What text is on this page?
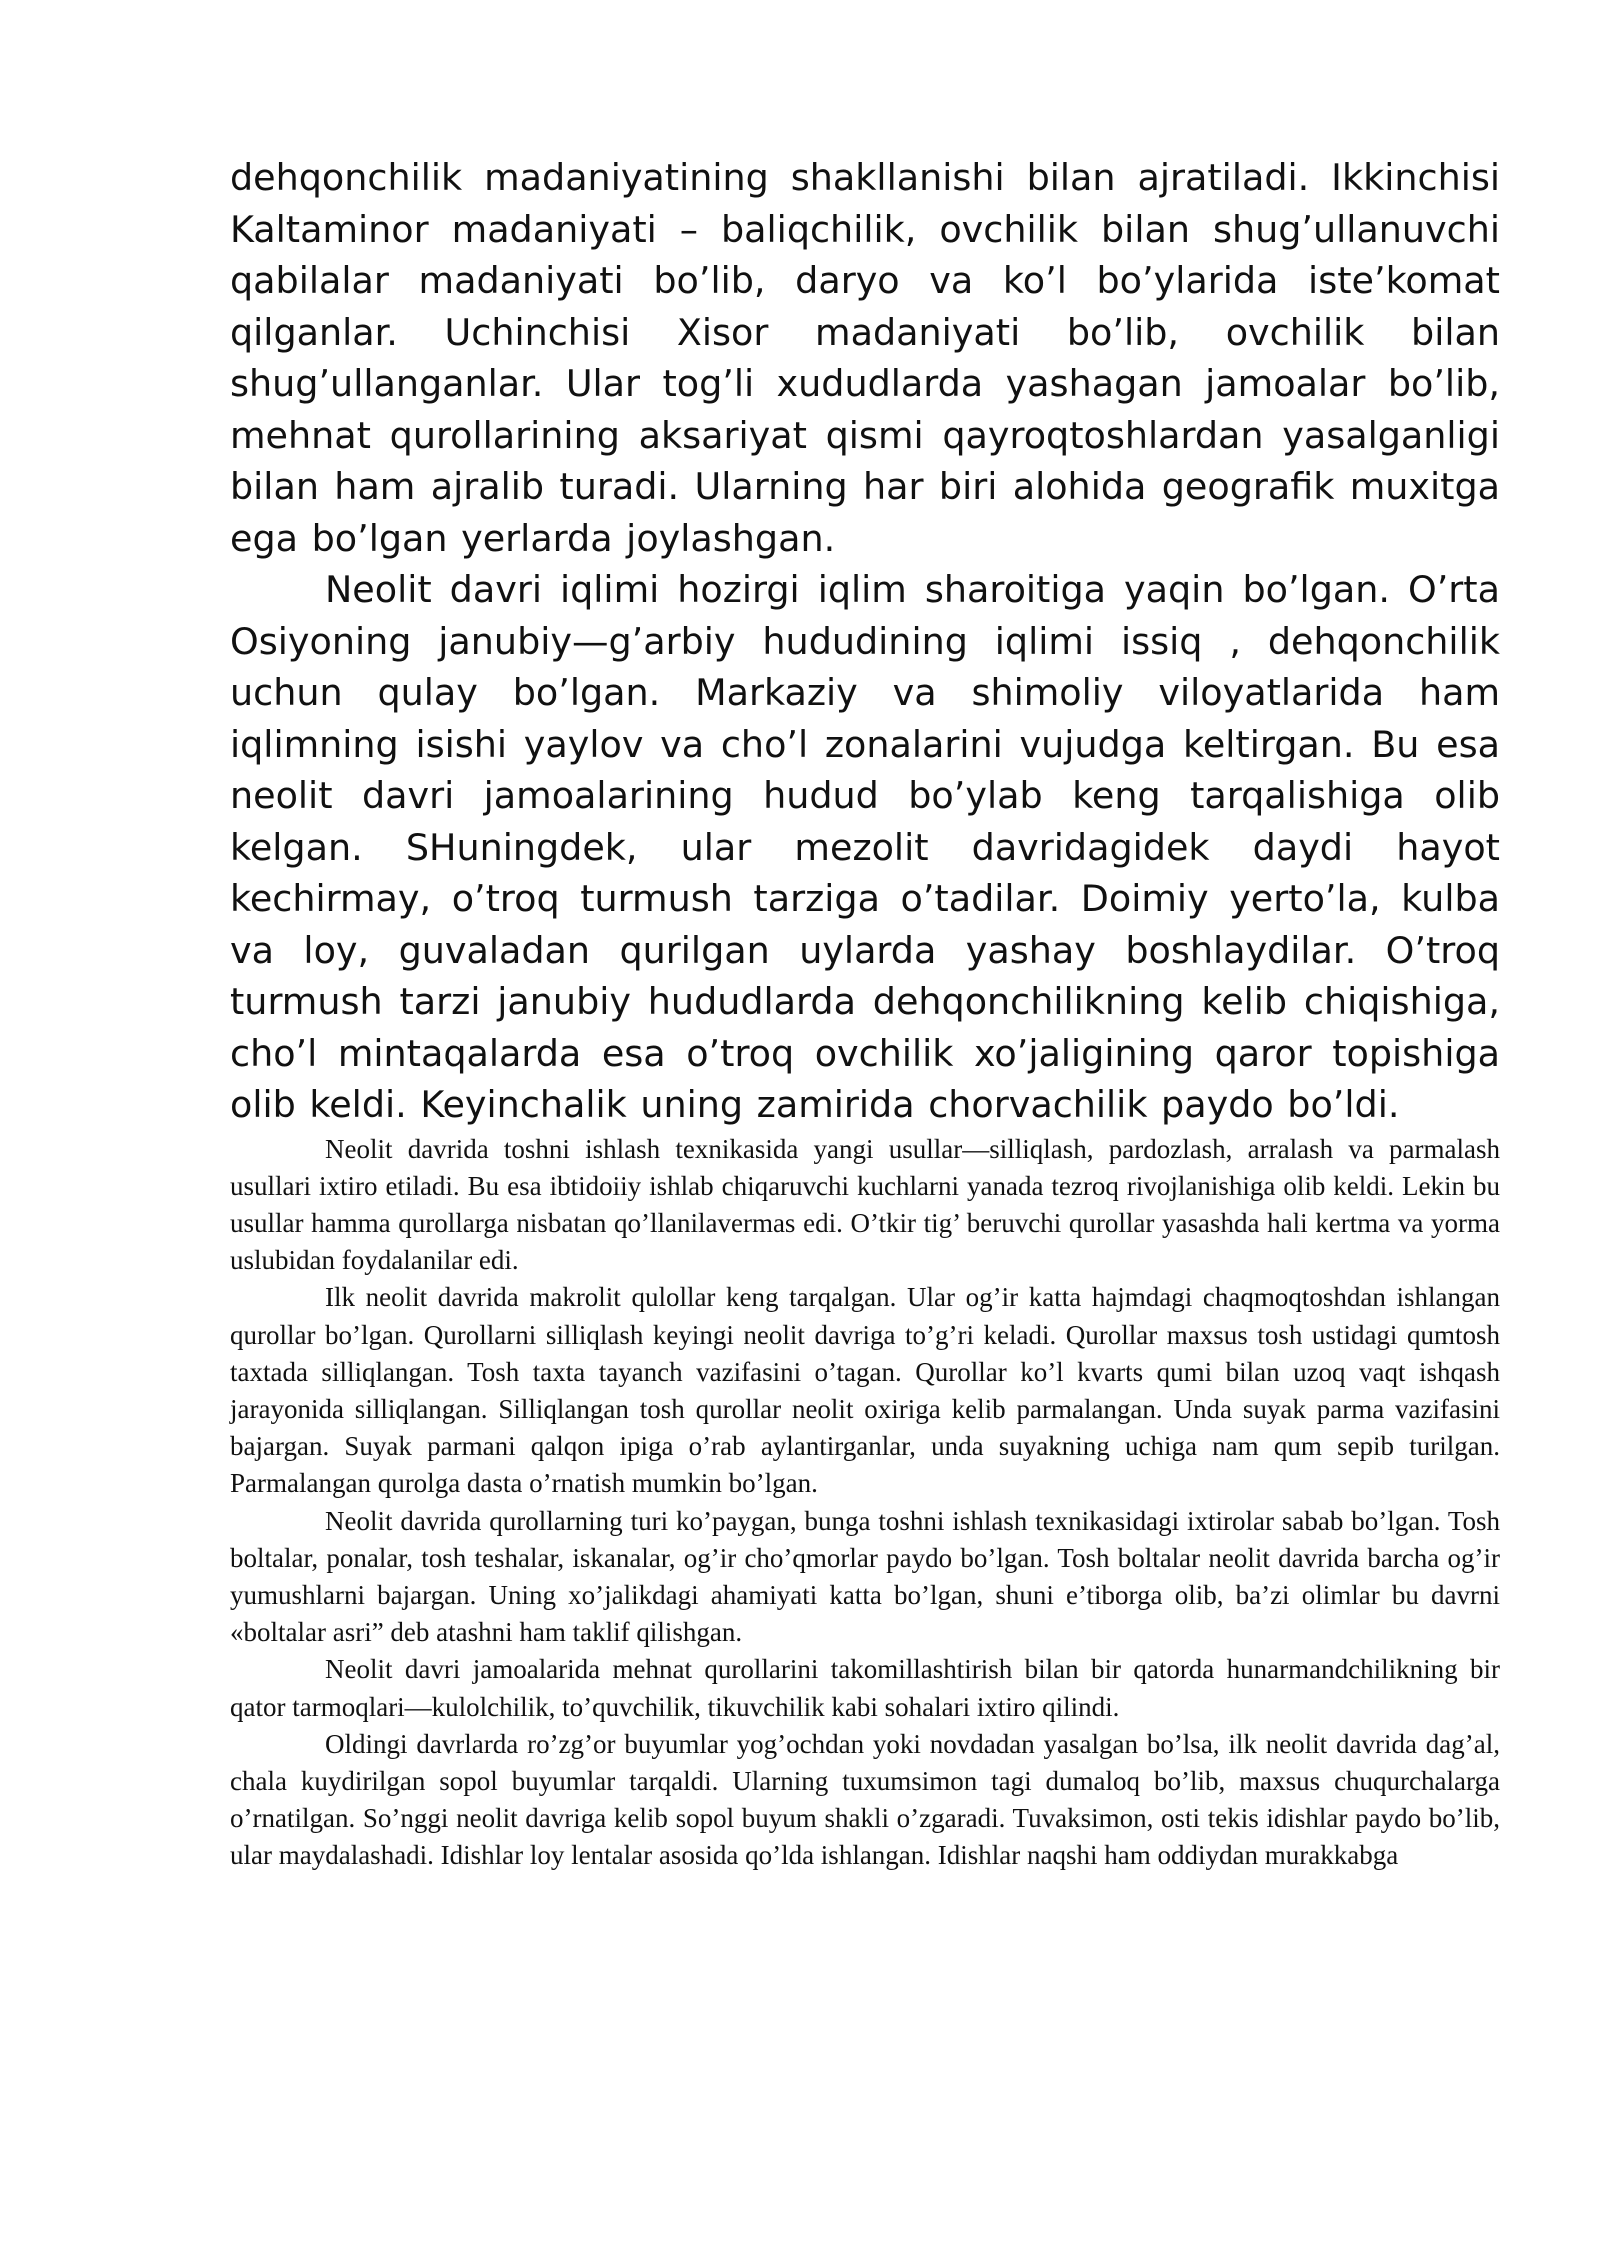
dehqonchilik madaniyatining shakllanishi bilan ajratiladi. Ikkinchisi Kaltaminor madaniyati – baliqchilik, ovchilik bilan shug’ullanuvchi qabilalar madaniyati bo’lib, daryo va ko’l bo’ylarida iste’komat qilganlar. Uchinchisi Xisor madaniyati bo’lib, ovchilik bilan shug’ullanganlar. Ular tog’li xududlarda yashagan jamoalar bo’lib, mehnat qurollarining aksariyat qismi qayroqtoshlardan yasalganligi bilan ham ajralib turadi. Ularning har biri alohida geografik muxitga ega bo’lgan yerlarda joylashgan.

Neolit davri iqlimi hozirgi iqlim sharoitiga yaqin bo’lgan. O’rta Osiyoning janubiy—g’arbiy hududining iqlimi issiq , dehqonchilik uchun qulay bo’lgan. Markaziy va shimoliy viloyatlarida ham iqlimning isishi yaylov va cho’l zonalarini vujudga keltirgan. Bu esa neolit davri jamoalarining hudud bo’ylab keng tarqalishiga olib kelgan. SHuningdek, ular mezolit davridagidek daydi hayot kechirmay, o’troq turmush tarziga o’tadilar. Doimiy yerto’la, kulba va loy, guvaladan qurilgan uylarda yashay boshlaydilar. O’troq turmush tarzi janubiy hududlarda dehqonchilikning kelib chiqishiga, cho’l mintaqalarda esa o’troq ovchilik xo’jaligining qaror topishiga olib keldi. Keyinchalik uning zamirida chorvachilik paydo bo’ldi.

Neolit davrida toshni ishlash texnikasida yangi usullar—silliqlash, pardozlash, arralash va parmalash usullari ixtiro etiladi. Bu esa ibtidoiiy ishlab chiqaruvchi kuchlarni yanada tezroq rivojlanishiga olib keldi. Lekin bu usullar hamma qurollarga nisbatan qo’llanilavermas edi. O’tkir tig’ beruvchi qurollar yasashda hali kertma va yorma uslubidan foydalanilar edi.

Ilk neolit davrida makrolit qulollar keng tarqalgan. Ular og’ir katta hajmdagi chaqmoqtoshdan ishlangan qurollar bo’lgan. Qurollarni silliqlash keyingi neolit davriga to’g’ri keladi. Qurollar maxsus tosh ustidagi qumtosh taxtada silliqlangan. Tosh taxta tayanch vazifasini o’tagan. Qurollar ko’l kvarts qumi bilan uzoq vaqt ishqash jarayonida silliqlangan. Silliqlangan tosh qurollar neolit oxiriga kelib parmalangan. Unda suyak parma vazifasini bajargan. Suyak parmani qalqon ipiga o’rab aylantirganlar, unda suyakning uchiga nam qum sepib turilgan. Parmalangan qurolga dasta o’rnatish mumkin bo’lgan.

Neolit davrida qurollarning turi ko’paygan, bunga toshni ishlash texnikasidagi ixtirolar sabab bo’lgan. Tosh boltalar, ponalar, tosh teshalar, iskanalar, og’ir cho’qmorlar paydo bo’lgan. Tosh boltalar neolit davrida barcha og’ir yumushlarni bajargan. Uning xo’jalikdagi ahamiyati katta bo’lgan, shuni e’tiborga olib, ba’zi olimlar bu davrni «boltalar asri” deb atashni ham taklif qilishgan.

Neolit davri jamoalarida mehnat qurollarini takomillashtirish bilan bir qatorda hunarmandchilikning bir qator tarmoqlari—kulolchilik, to’quvchilik, tikuvchilik kabi sohalari ixtiro qilindi.

Oldingi davrlarda ro’zg’or buyumlar yog’ochdan yoki novdadan yasalgan bo’lsa, ilk neolit davrida dag’al, chala kuydirilgan sopol buyumlar tarqaldi. Ularning tuxumsimon tagi dumaloq bo’lib, maxsus chuqurchalarga o’rnatilgan. So’nggi neolit davriga kelib sopol buyum shakli o’zgaradi. Tuvaksimon, osti tekis idishlar paydo bo’lib, ular maydalashadi. Idishlar loy lentalar asosida qo’lda ishlangan. Idishlar naqshi ham oddiydan murakkabga
